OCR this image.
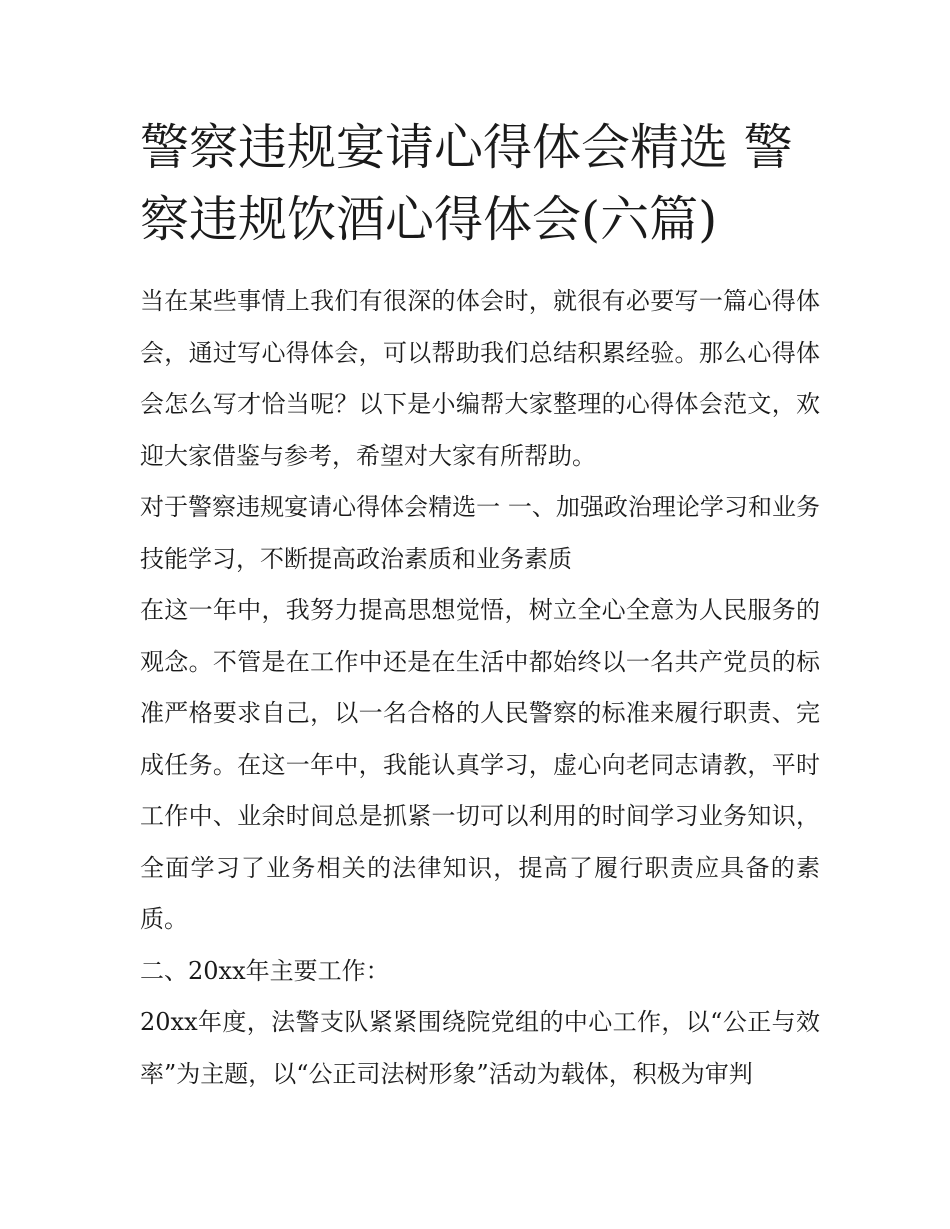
警察违规宴请心得体会精选 警察违规饮酒心得体会(六篇)

当在某些事情上我们有很深的体会时，就很有必要写一篇心得体会，通过写心得体会，可以帮助我们总结积累经验。那么心得体会怎么写才恰当呢？以下是小编帮大家整理的心得体会范文，欢迎大家借鉴与参考，希望对大家有所帮助。

对于警察违规宴请心得体会精选一 一、加强政治理论学习和业务技能学习，不断提高政治素质和业务素质

在这一年中，我努力提高思想觉悟，树立全心全意为人民服务的观念。不管是在工作中还是在生活中都始终以一名共产党员的标准严格要求自己，以一名合格的人民警察的标准来履行职责、完成任务。在这一年中，我能认真学习，虚心向老同志请教，平时工作中、业余时间总是抓紧一切可以利用的时间学习业务知识，全面学习了业务相关的法律知识，提高了履行职责应具备的素质。

二、20xx年主要工作：

20xx年度，法警支队紧紧围绕院党组的中心工作，以“公正与效率”为主题，以“公正司法树形象”活动为载体，积极为审判
